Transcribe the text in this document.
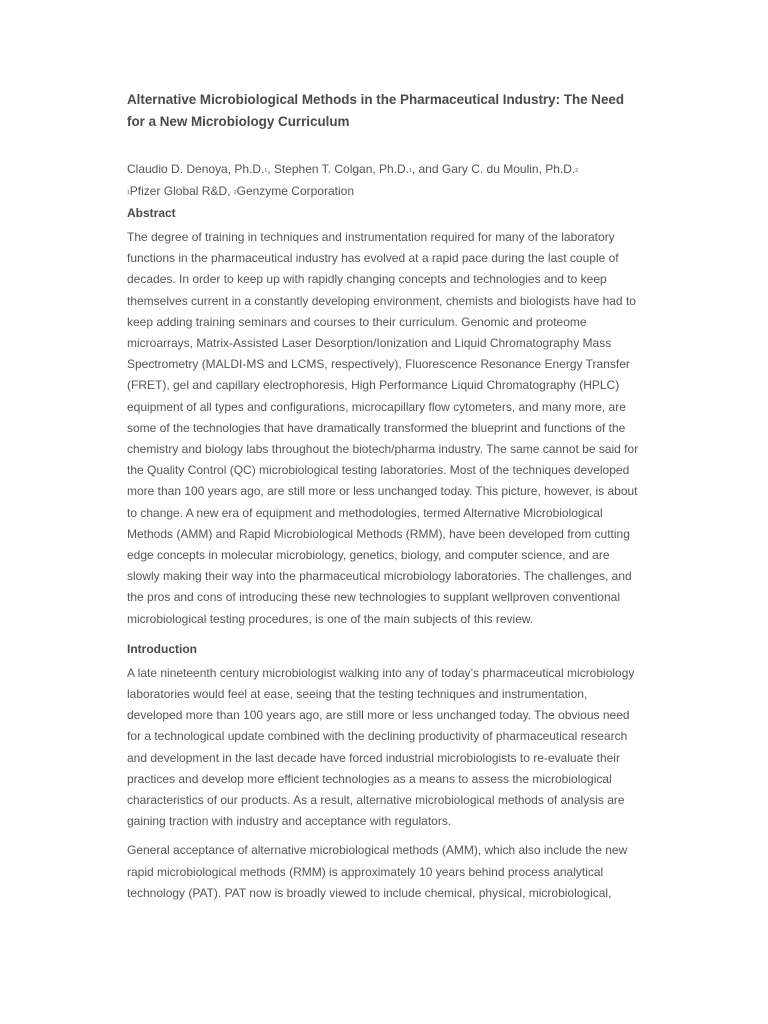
Alternative Microbiological Methods in the Pharmaceutical Industry: The Need
for a New Microbiology Curriculum
Claudio D. Denoya, Ph.D.$^1$, Stephen T. Colgan, Ph.D.$^1$, and Gary C. du Moulin, Ph.D.$^2$
$^1$Pfizer Global R&D, $^2$Genzyme Corporation
Abstract
The degree of training in techniques and instrumentation required for many of the laboratory
functions in the pharmaceutical industry has evolved at a rapid pace during the last couple of
decades. In order to keep up with rapidly changing concepts and technologies and to keep
themselves current in a constantly developing environment, chemists and biologists have had to
keep adding training seminars and courses to their curriculum. Genomic and proteome
microarrays, Matrix-Assisted Laser Desorption/Ionization and Liquid Chromatography Mass
Spectrometry (MALDI-MS and LCMS, respectively), Fluorescence Resonance Energy Transfer
(FRET), gel and capillary electrophoresis, High Performance Liquid Chromatography (HPLC)
equipment of all types and configurations, microcapillary flow cytometers, and many more, are
some of the technologies that have dramatically transformed the blueprint and functions of the
chemistry and biology labs throughout the biotech/pharma industry. The same cannot be said for
the Quality Control (QC) microbiological testing laboratories. Most of the techniques developed
more than 100 years ago, are still more or less unchanged today. This picture, however, is about
to change. A new era of equipment and methodologies, termed Alternative Microbiological
Methods (AMM) and Rapid Microbiological Methods (RMM), have been developed from cutting
edge concepts in molecular microbiology, genetics, biology, and computer science, and are
slowly making their way into the pharmaceutical microbiology laboratories. The challenges, and
the pros and cons of introducing these new technologies to supplant wellproven conventional
microbiological testing procedures, is one of the main subjects of this review.
Introduction
A late nineteenth century microbiologist walking into any of today’s pharmaceutical microbiology
laboratories would feel at ease, seeing that the testing techniques and instrumentation,
developed more than 100 years ago, are still more or less unchanged today. The obvious need
for a technological update combined with the declining productivity of pharmaceutical research
and development in the last decade have forced industrial microbiologists to re-evaluate their
practices and develop more efficient technologies as a means to assess the microbiological
characteristics of our products. As a result, alternative microbiological methods of analysis are
gaining traction with industry and acceptance with regulators.
General acceptance of alternative microbiological methods (AMM), which also include the new
rapid microbiological methods (RMM) is approximately 10 years behind process analytical
technology (PAT). PAT now is broadly viewed to include chemical, physical, microbiological,
